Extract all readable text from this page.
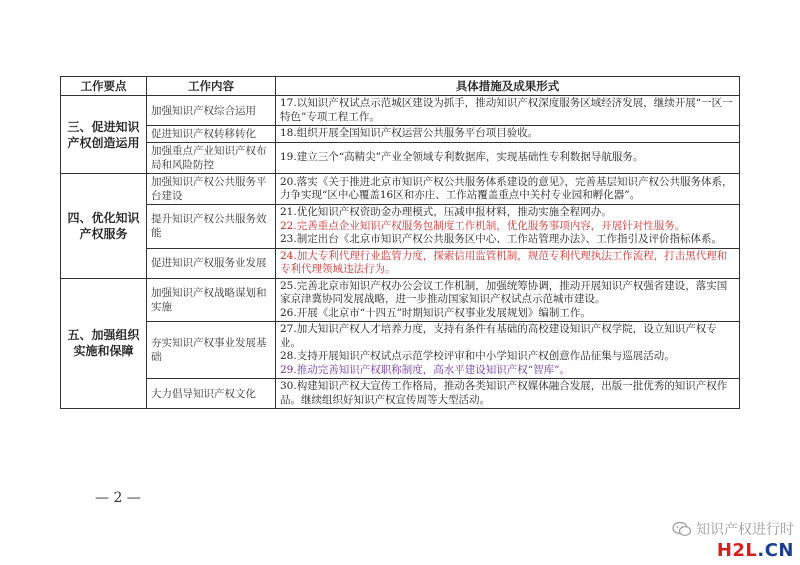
工作要点	工作内容	具体措施及成果形式
三、促进知识产权创造运用	加强知识产权综合运用	17.以知识产权试点示范城区建设为抓手，推动知识产权深度服务区域经济发展，继续开展“一区一特色”专项工程工作。

	促进知识产权转移转化	18.组织开展全国知识产权运营公共服务平台项目验收。

	加强重点产业知识产权布局和风险防控	19.建立三个“高精尖”产业全领域专利数据库，实现基础性专利数据导航服务。

四、优化知识产权服务	加强知识产权公共服务平台建设	20.落实《关于推进北京市知识产权公共服务体系建设的意见》，完善基层知识产权公共服务体系，力争实现“区中心覆盖16区和亦庄、工作站覆盖重点中关村专业园和孵化器”。

	提升知识产权公共服务效能	21.优化知识产权资助金办理模式，压减申报材料，推动实施全程网办。
22.完善重点企业知识产权服务包制度工作机制，优化服务事项内容，开展针对性服务。
23.制定出台《北京市知识产权公共服务区中心、工作站管理办法》、工作指引及评价指标体系。

	促进知识产权服务业发展	24.加大专利代理行业监管力度，探索信用监管机制，规范专利代理执法工作流程，打击黑代理和专利代理领域违法行为。

五、加强组织实施和保障	加强知识产权战略谋划和实施	25.完善北京市知识产权办公会议工作机制，加强统筹协调，推动开展知识产权强省建设，落实国家京津冀协同发展战略，进一步推动国家知识产权试点示范城市建设。
26.开展《北京市“十四五”时期知识产权事业发展规划》编制工作。

	夯实知识产权事业发展基础	27.加大知识产权人才培养力度，支持有条件有基础的高校建设知识产权学院，设立知识产权专业。
28.支持开展知识产权试点示范学校评审和中小学知识产权创意作品征集与巡展活动。
29.推动完善知识产权职称制度，高水平建设知识产权“智库”。

	大力倡导知识产权文化	30.构建知识产权大宣传工作格局，推动各类知识产权媒体融合发展，出版一批优秀的知识产权作品。继续组织好知识产权宣传周等大型活动。
— 2 —
知识产权进行时
H2L.CN
